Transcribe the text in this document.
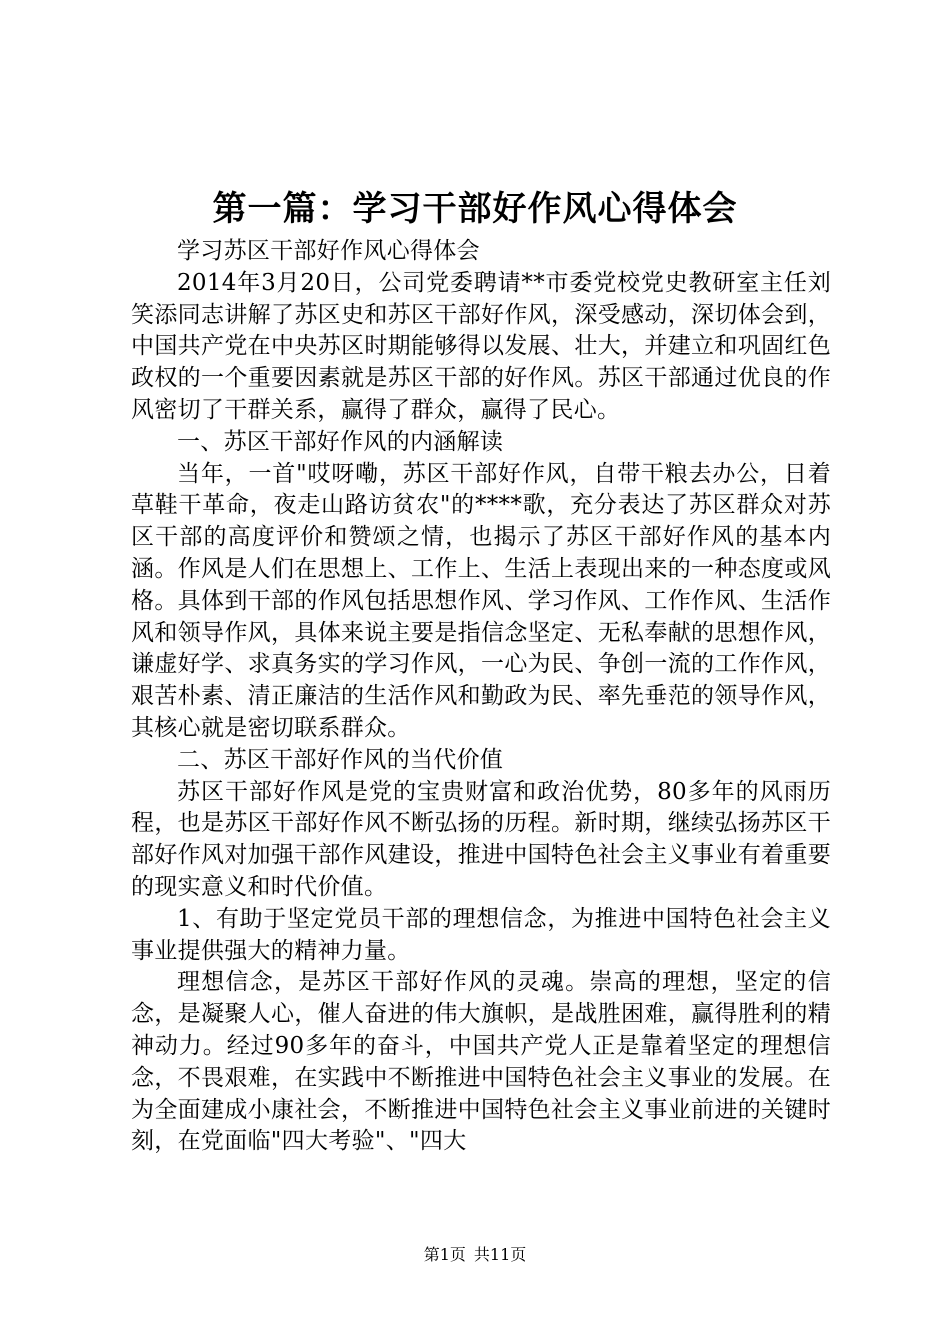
第一篇：学习干部好作风心得体会

学习苏区干部好作风心得体会

2014年3月20日，公司党委聘请**市委党校党史教研室主任刘笑添同志讲解了苏区史和苏区干部好作风，深受感动，深切体会到，中国共产党在中央苏区时期能够得以发展、壮大，并建立和巩固红色政权的一个重要因素就是苏区干部的好作风。苏区干部通过优良的作风密切了干群关系，赢得了群众，赢得了民心。

一、苏区干部好作风的内涵解读

当年，一首"哎呀嘞，苏区干部好作风，自带干粮去办公，日着草鞋干革命，夜走山路访贫农"的****歌，充分表达了苏区群众对苏区干部的高度评价和赞颂之情，也揭示了苏区干部好作风的基本内涵。作风是人们在思想上、工作上、生活上表现出来的一种态度或风格。具体到干部的作风包括思想作风、学习作风、工作作风、生活作风和领导作风，具体来说主要是指信念坚定、无私奉献的思想作风，谦虚好学、求真务实的学习作风，一心为民、争创一流的工作作风，艰苦朴素、清正廉洁的生活作风和勤政为民、率先垂范的领导作风，其核心就是密切联系群众。

二、苏区干部好作风的当代价值

苏区干部好作风是党的宝贵财富和政治优势，80多年的风雨历程，也是苏区干部好作风不断弘扬的历程。新时期，继续弘扬苏区干部好作风对加强干部作风建设，推进中国特色社会主义事业有着重要的现实意义和时代价值。

1、有助于坚定党员干部的理想信念，为推进中国特色社会主义事业提供强大的精神力量。

理想信念，是苏区干部好作风的灵魂。崇高的理想，坚定的信念，是凝聚人心，催人奋进的伟大旗帜，是战胜困难，赢得胜利的精神动力。经过90多年的奋斗，中国共产党人正是靠着坚定的理想信念，不畏艰难，在实践中不断推进中国特色社会主义事业的发展。在为全面建成小康社会，不断推进中国特色社会主义事业前进的关键时刻，在党面临"四大考验"、"四大

第1页 共11页
